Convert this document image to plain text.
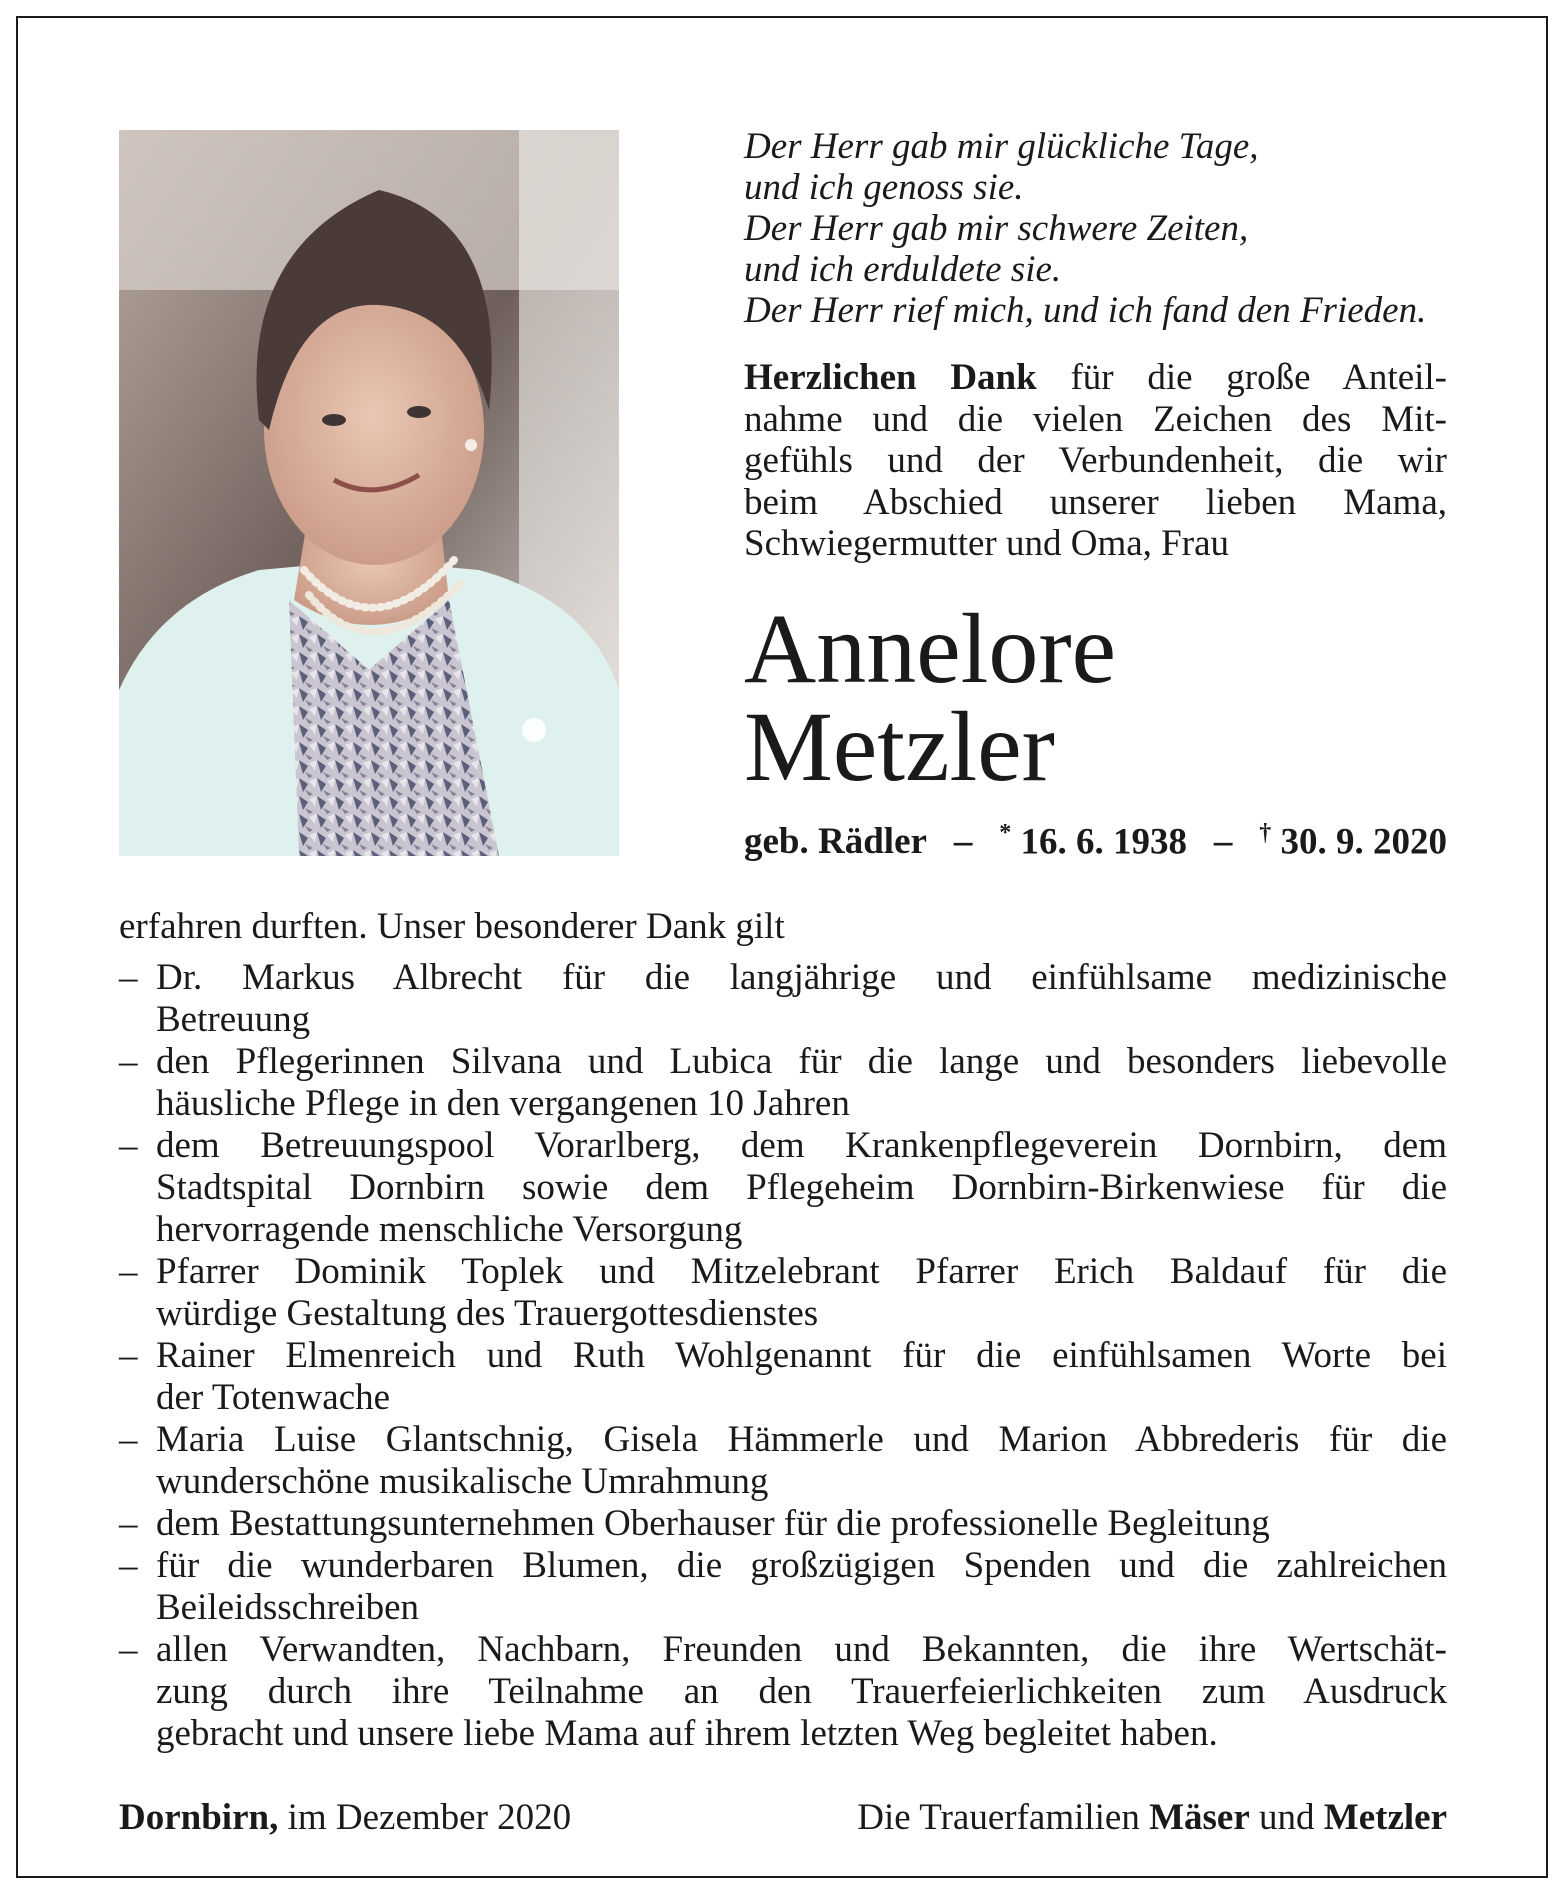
Der Herr gab mir glückliche Tage,
und ich genoss sie.
Der Herr gab mir schwere Zeiten,
und ich erduldete sie.
Der Herr rief mich, und ich fand den Frieden.
Herzlichen Dank für die große Anteil-
nahme und die vielen Zeichen des Mit-
gefühls und der Verbundenheit, die wir
beim Abschied unserer lieben Mama,
Schwiegermutter und Oma, Frau
Annelore
Metzler
geb. Rädler – * 16. 6. 1938 – † 30. 9. 2020
erfahren durften. Unser besonderer Dank gilt
– Dr. Markus Albrecht für die langjährige und einfühlsame medizinische
Betreuung
– den Pflegerinnen Silvana und Lubica für die lange und besonders liebevolle
häusliche Pflege in den vergangenen 10 Jahren
– dem Betreuungspool Vorarlberg, dem Krankenpflegeverein Dornbirn, dem
Stadtspital Dornbirn sowie dem Pflegeheim Dornbirn-Birkenwiese für die
hervorragende menschliche Versorgung
– Pfarrer Dominik Toplek und Mitzelebrant Pfarrer Erich Baldauf für die
würdige Gestaltung des Trauergottesdienstes
– Rainer Elmenreich und Ruth Wohlgenannt für die einfühlsamen Worte bei
der Totenwache
– Maria Luise Glantschnig, Gisela Hämmerle und Marion Abbrederis für die
wunderschöne musikalische Umrahmung
– dem Bestattungsunternehmen Oberhauser für die professionelle Begleitung
– für die wunderbaren Blumen, die großzügigen Spenden und die zahlreichen
Beileidsschreiben
– allen Verwandten, Nachbarn, Freunden und Bekannten, die ihre Wertschät-
zung durch ihre Teilnahme an den Trauerfeierlichkeiten zum Ausdruck
gebracht und unsere liebe Mama auf ihrem letzten Weg begleitet haben.
Dornbirn, im Dezember 2020	Die Trauerfamilien Mäser und Metzler
